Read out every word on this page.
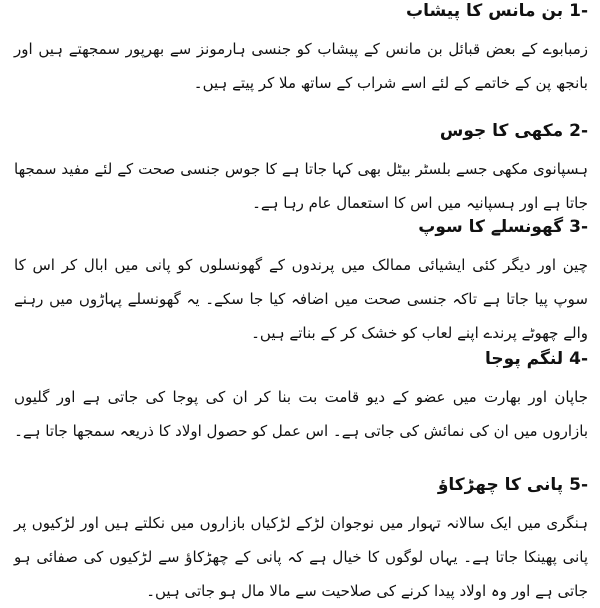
-1 بن مانس کا پیشاب

زمبابوے کے بعض قبائل بن مانس کے پیشاب کو جنسی ہارمونز سے بھرپور سمجھتے ہیں اور بانجھ پن کے خاتمے کے لئے اسے شراب کے ساتھ ملا کر پیتے ہیں۔

-2 مکھی کا جوس

ہسپانوی مکھی جسے بلسٹر بیٹل بھی کہا جاتا ہے کا جوس جنسی صحت کے لئے مفید سمجھا جاتا ہے اور ہسپانیہ میں اس کا استعمال عام رہا ہے۔

-3 گھونسلے کا سوپ

چین اور دیگر کئی ایشیائی ممالک میں پرندوں کے گھونسلوں کو پانی میں ابال کر اس کا سوپ پیا جاتا ہے تاکہ جنسی صحت میں اضافہ کیا جا سکے۔ یہ گھونسلے پہاڑوں میں رہنے والے چھوٹے پرندے اپنے لعاب کو خشک کر کے بناتے ہیں۔

-4 لنگم پوجا

جاپان اور بھارت میں عضو کے دیو قامت بت بنا کر ان کی پوجا کی جاتی ہے اور گلیوں بازاروں میں ان کی نمائش کی جاتی ہے۔ اس عمل کو حصول اولاد کا ذریعہ سمجھا جاتا ہے۔

-5 پانی کا چھڑکاؤ

ہنگری میں ایک سالانہ تہوار میں نوجوان لڑکے لڑکیاں بازاروں میں نکلتے ہیں اور لڑکیوں پر پانی پھینکا جاتا ہے۔ یہاں لوگوں کا خیال ہے کہ پانی کے چھڑکاؤ سے لڑکیوں کی صفائی ہو جاتی ہے اور وہ اولاد پیدا کرنے کی صلاحیت سے مالا مال ہو جاتی ہیں۔
